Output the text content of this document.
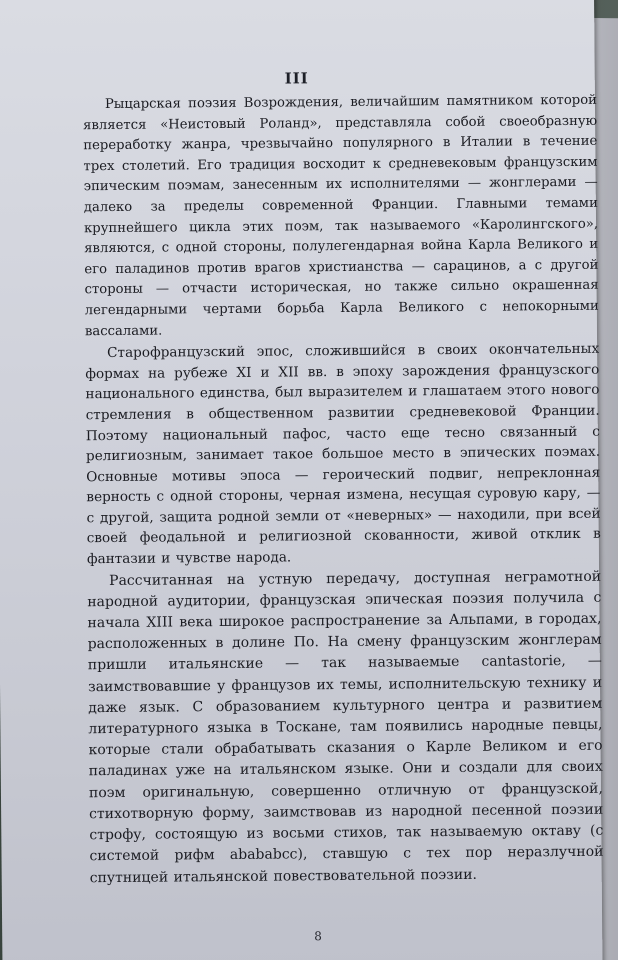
III

Рыцарская поэзия Возрождения, величайшим памятником которой является «Неистовый Роланд», представляла собой своеобразную переработку жанра, чрезвычайно популярного в Италии в течение трех столетий. Его традиция восходит к средневековым французским эпическим поэмам, занесенным их исполнителями — жонглерами — далеко за пределы современной Франции. Главными темами крупнейшего цикла этих поэм, так называемого «Каролингского», являются, с одной стороны, полулегендарная война Карла Великого и его паладинов против врагов христианства — сарацинов, а с другой стороны — отчасти историческая, но также сильно окрашенная легендарными чертами борьба Карла Великого с непокорными вассалами.

Старофранцузский эпос, сложившийся в своих окончательных формах на рубеже XI и XII вв. в эпоху зарождения французского национального единства, был выразителем и глашатаем этого нового стремления в общественном развитии средневековой Франции. Поэтому национальный пафос, часто еще тесно связанный с религиозным, занимает такое большое место в эпических поэмах. Основные мотивы эпоса — героический подвиг, непреклонная верность с одной стороны, черная измена, несущая суровую кару, — с другой, защита родной земли от «неверных» — находили, при всей своей феодальной и религиозной скованности, живой отклик в фантазии и чувстве народа.

Рассчитанная на устную передачу, доступная неграмотной народной аудитории, французская эпическая поэзия получила с начала XIII века широкое распространение за Альпами, в городах, расположенных в долине По. На смену французским жонглерам пришли итальянские — так называемые cantastorie, — заимствовавшие у французов их темы, исполнительскую технику и даже язык. С образованием культурного центра и развитием литературного языка в Тоскане, там появились народные певцы, которые стали обрабатывать сказания о Карле Великом и его паладинах уже на итальянском языке. Они и создали для своих поэм оригинальную, совершенно отличную от французской, стихотворную форму, заимствовав из народной песенной поэзии строфу, состоящую из восьми стихов, так называемую октаву (с системой рифм abababcc), ставшую с тех пор неразлучной спутницей итальянской повествовательной поэзии.

8
